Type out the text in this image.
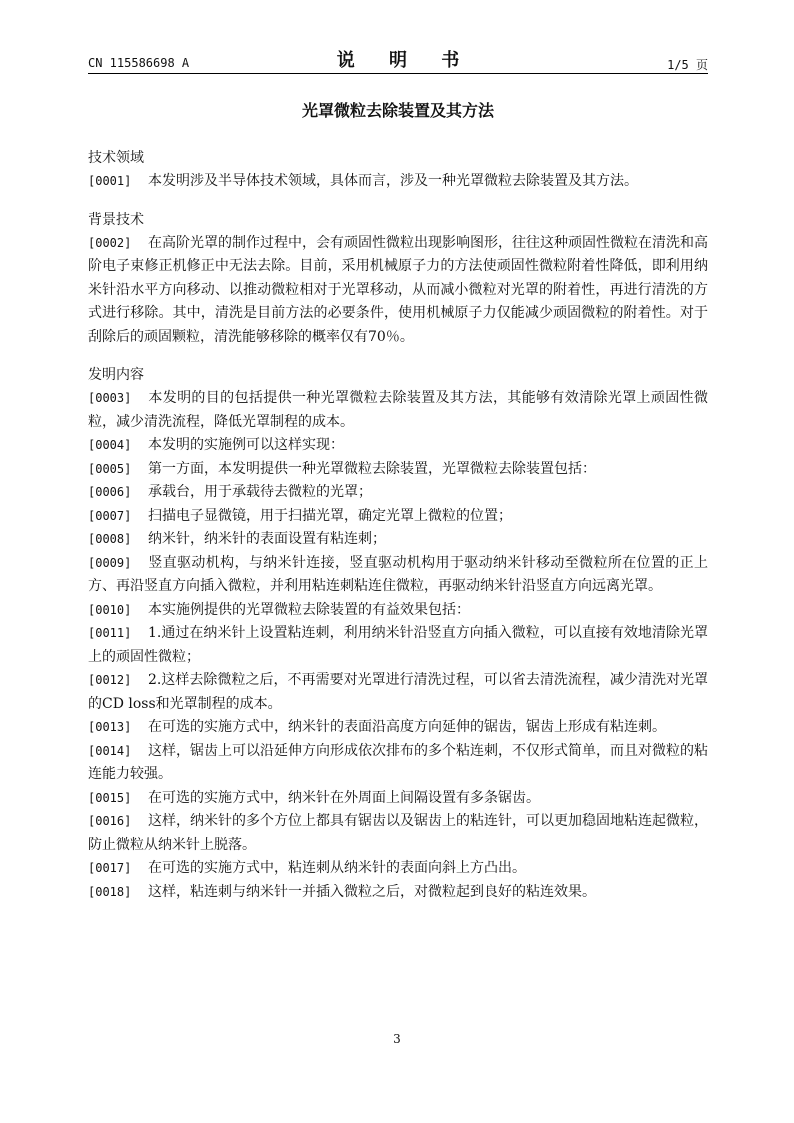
CN 115586698 A	说 明 书	1/5 页
光罩微粒去除装置及其方法
技术领域
[0001] 本发明涉及半导体技术领域，具体而言，涉及一种光罩微粒去除装置及其方法。
背景技术
[0002] 在高阶光罩的制作过程中，会有顽固性微粒出现影响图形，往往这种顽固性微粒在清洗和高阶电子束修正机修正中无法去除。目前，采用机械原子力的方法使顽固性微粒附着性降低，即利用纳米针沿水平方向移动、以推动微粒相对于光罩移动，从而减小微粒对光罩的附着性，再进行清洗的方式进行移除。其中，清洗是目前方法的必要条件，使用机械原子力仅能减少顽固微粒的附着性。对于刮除后的顽固颗粒，清洗能够移除的概率仅有70％。
发明内容
[0003] 本发明的目的包括提供一种光罩微粒去除装置及其方法，其能够有效清除光罩上顽固性微粒，减少清洗流程，降低光罩制程的成本。
[0004] 本发明的实施例可以这样实现：
[0005] 第一方面，本发明提供一种光罩微粒去除装置，光罩微粒去除装置包括：
[0006] 承载台，用于承载待去微粒的光罩；
[0007] 扫描电子显微镜，用于扫描光罩，确定光罩上微粒的位置；
[0008] 纳米针，纳米针的表面设置有粘连刺；
[0009] 竖直驱动机构，与纳米针连接，竖直驱动机构用于驱动纳米针移动至微粒所在位置的正上方、再沿竖直方向插入微粒，并利用粘连刺粘连住微粒，再驱动纳米针沿竖直方向远离光罩。
[0010] 本实施例提供的光罩微粒去除装置的有益效果包括：
[0011] 1.通过在纳米针上设置粘连刺，利用纳米针沿竖直方向插入微粒，可以直接有效地清除光罩上的顽固性微粒；
[0012] 2.这样去除微粒之后，不再需要对光罩进行清洗过程，可以省去清洗流程，减少清洗对光罩的CD loss和光罩制程的成本。
[0013] 在可选的实施方式中，纳米针的表面沿高度方向延伸的锯齿，锯齿上形成有粘连刺。
[0014] 这样，锯齿上可以沿延伸方向形成依次排布的多个粘连刺，不仅形式简单，而且对微粒的粘连能力较强。
[0015] 在可选的实施方式中，纳米针在外周面上间隔设置有多条锯齿。
[0016] 这样，纳米针的多个方位上都具有锯齿以及锯齿上的粘连针，可以更加稳固地粘连起微粒，防止微粒从纳米针上脱落。
[0017] 在可选的实施方式中，粘连刺从纳米针的表面向斜上方凸出。
[0018] 这样，粘连刺与纳米针一并插入微粒之后，对微粒起到良好的粘连效果。
3
